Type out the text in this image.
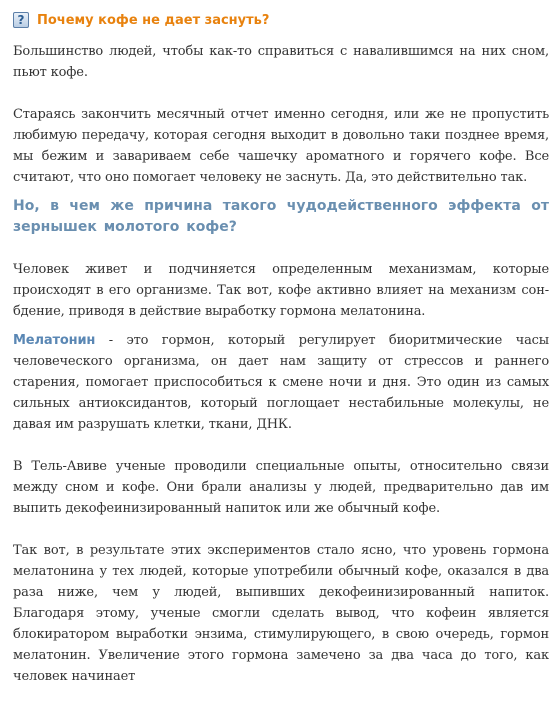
? Почему кофе не дает заснуть?

Большинство людей, чтобы как-то справиться с навалившимся на них сном, пьют кофе.

Стараясь закончить месячный отчет именно сегодня, или же не пропустить любимую передачу, которая сегодня выходит в довольно таки позднее время, мы бежим и завариваем себе чашечку ароматного и горячего кофе. Все считают, что оно помогает человеку не заснуть. Да, это действительно так.

Но, в чем же причина такого чудодейственного эффекта от зернышек молотого кофе?

Человек живет и подчиняется определенным механизмам, которые происходят в его организме. Так вот, кофе активно влияет на механизм сон-бдение, приводя в действие выработку гормона мелатонина.

Мелатонин - это гормон, который регулирует биоритмические часы человеческого организма, он дает нам защиту от стрессов и раннего старения, помогает приспособиться к смене ночи и дня. Это один из самых сильных антиоксидантов, который поглощает нестабильные молекулы, не давая им разрушать клетки, ткани, ДНК.

В Тель-Авиве ученые проводили специальные опыты, относительно связи между сном и кофе. Они брали анализы у людей, предварительно дав им выпить декофеинизированный напиток или же обычный кофе.

Так вот, в результате этих экспериментов стало ясно, что уровень гормона мелатонина у тех людей, которые употребили обычный кофе, оказался в два раза ниже, чем у людей, выпивших декофеинизированный напиток. Благодаря этому, ученые смогли сделать вывод, что кофеин является блокиратором выработки энзима, стимулирующего, в свою очередь, гормон мелатонин. Увеличение этого гормона замечено за два часа до того, как человек начинает
